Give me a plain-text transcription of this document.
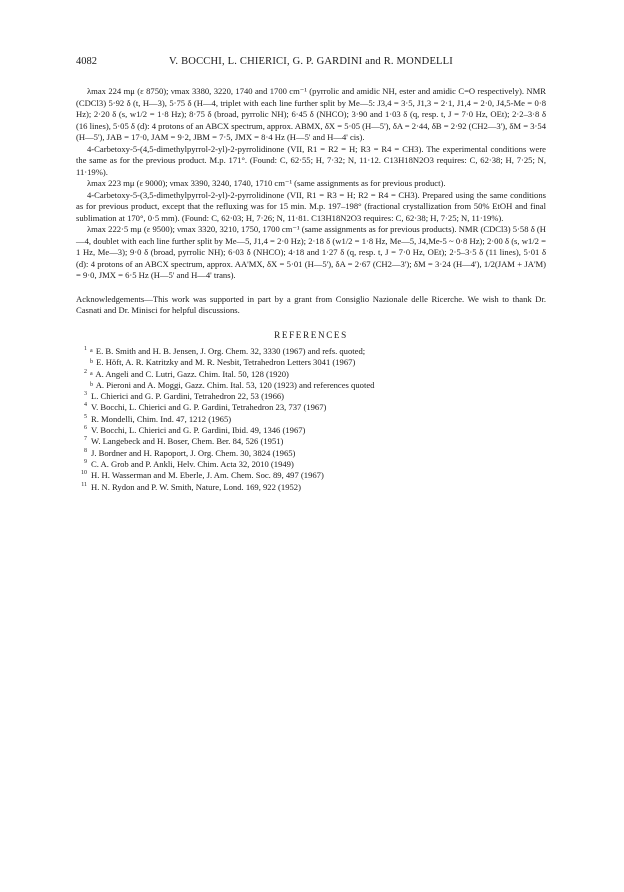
4082	V. BOCCHI, L. CHIERICI, G. P. GARDINI and R. MONDELLI

λmax 224 mμ (ε 8750); νmax 3380, 3220, 1740 and 1700 cm⁻¹ (pyrrolic and amidic NH, ester and amidic C=O respectively). NMR (CDCl3) 5·92 δ (t, H—3), 5·75 δ (H—4, triplet with each line further split by Me—5: J3,4 = 3·5, J1,3 = 2·1, J1,4 = 2·0, J4,5-Me = 0·8 Hz); 2·20 δ (s, w1/2 = 1·8 Hz); 8·75 δ (broad, pyrrolic NH); 6·45 δ (NHCO); 3·90 and 1·03 δ (q, resp. t, J = 7·0 Hz, OEt); 2·2–3·8 δ (16 lines), 5·05 δ (d): 4 protons of an ABCX spectrum, approx. ABMX, δX = 5·05 (H—5'), δA = 2·44, δB = 2·92 (CH2—3'), δM = 3·54 (H—5'), JAB = 17·0, JAM = 9·2, JBM = 7·5, JMX = 8·4 Hz (H—5' and H—4' cis).

4-Carbetoxy-5-(4,5-dimethylpyrrol-2-yl)-2-pyrrolidinone (VII, R1 = R2 = H; R3 = R4 = CH3). The experimental conditions were the same as for the previous product. M.p. 171°. (Found: C, 62·55; H, 7·32; N, 11·12. C13H18N2O3 requires: C, 62·38; H, 7·25; N, 11·19%).

λmax 223 mμ (ε 9000); νmax 3390, 3240, 1740, 1710 cm⁻¹ (same assignments as for previous product).

4-Carbetoxy-5-(3,5-dimethylpyrrol-2-yl)-2-pyrrolidinone (VII, R1 = R3 = H; R2 = R4 = CH3). Prepared using the same conditions as for previous product, except that the refluxing was for 15 min. M.p. 197–198° (fractional crystallization from 50% EtOH and final sublimation at 170°, 0·5 mm). (Found: C, 62·03; H, 7·26; N, 11·81. C13H18N2O3 requires: C, 62·38; H, 7·25; N, 11·19%).

λmax 222·5 mμ (ε 9500); νmax 3320, 3210, 1750, 1700 cm⁻¹ (same assignments as for previous products). NMR (CDCl3) 5·58 δ (H—4, doublet with each line further split by Me—5, J1,4 = 2·0 Hz); 2·18 δ (w1/2 = 1·8 Hz, Me—5, J4,Me-5 ~ 0·8 Hz); 2·00 δ (s, w1/2 = 1 Hz, Me—3); 9·0 δ (broad, pyrrolic NH); 6·03 δ (NHCO); 4·18 and 1·27 δ (q, resp. t, J = 7·0 Hz, OEt); 2·5–3·5 δ (11 lines), 5·01 δ (d): 4 protons of an ABCX spectrum, approx. AA'MX, δX = 5·01 (H—5'), δA = 2·67 (CH2—3'); δM = 3·24 (H—4'), 1/2(JAM + JA'M) = 9·0, JMX = 6·5 Hz (H—5' and H—4' trans).

Acknowledgements—This work was supported in part by a grant from Consiglio Nazionale delle Ricerche. We wish to thank Dr. Casnati and Dr. Minisci for helpful discussions.

REFERENCES

1 $^a$ E. B. Smith and H. B. Jensen, J. Org. Chem. 32, 3330 (1967) and refs. quoted;

$^b$ E. Höft, A. R. Katritzky and M. R. Nesbit, Tetrahedron Letters 3041 (1967)

2 $^a$ A. Angeli and C. Lutri, Gazz. Chim. Ital. 50, 128 (1920)

$^b$ A. Pieroni and A. Moggi, Gazz. Chim. Ital. 53, 120 (1923) and references quoted

3 L. Chierici and G. P. Gardini, Tetrahedron 22, 53 (1966)

4 V. Bocchi, L. Chierici and G. P. Gardini, Tetrahedron 23, 737 (1967)

5 R. Mondelli, Chim. Ind. 47, 1212 (1965)

6 V. Bocchi, L. Chierici and G. P. Gardini, Ibid. 49, 1346 (1967)

7 W. Langebeck and H. Boser, Chem. Ber. 84, 526 (1951)

8 J. Bordner and H. Rapoport, J. Org. Chem. 30, 3824 (1965)

9 C. A. Grob and P. Ankli, Helv. Chim. Acta 32, 2010 (1949)

10 H. H. Wasserman and M. Eberle, J. Am. Chem. Soc. 89, 497 (1967)

11 H. N. Rydon and P. W. Smith, Nature, Lond. 169, 922 (1952)
